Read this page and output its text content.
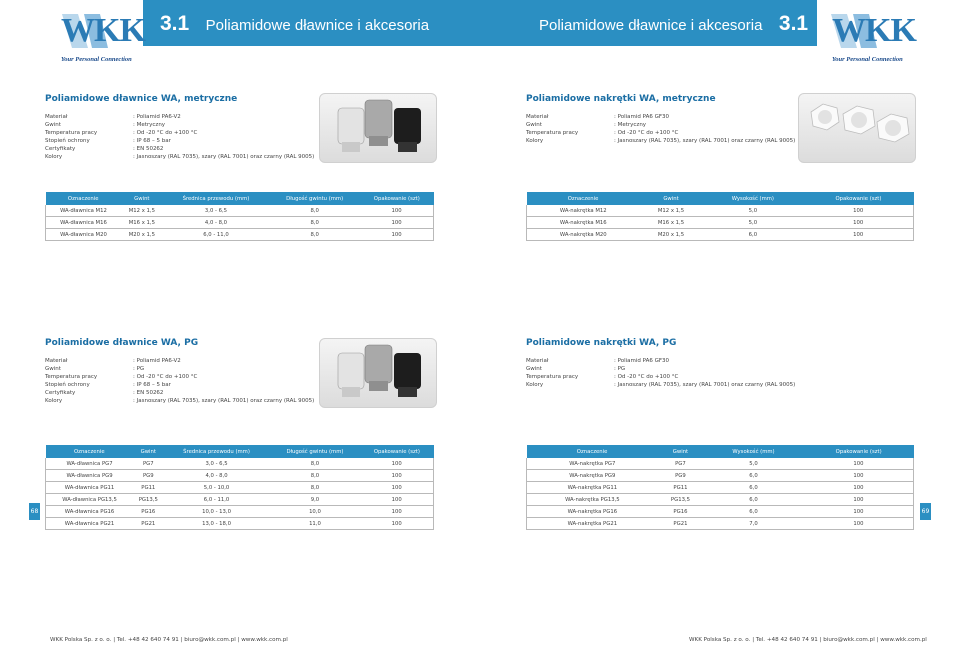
3.1 Poliamidowe dławnice i akcesoria	Poliamidowe dławnice i akcesoria 3.1
WKK
Your Personal Connection
WKK
Your Personal Connection
Poliamidowe dławnice WA, metryczne
Materiał	: Poliamid PA6-V2
Gwint	: Metryczny
Temperatura pracy	: Od -20 °C do +100 °C
Stopień ochrony	: IP 68 – 5 bar
Certyfikaty	: EN 50262
Kolory	: Jasnoszary (RAL 7035), szary (RAL 7001) oraz czarny (RAL 9005)
Oznaczenie	Gwint	Średnica przewodu (mm)	Długość gwintu (mm)	Opakowanie (szt)
WA-dławnica M12	M12 x 1,5	3,0 - 6,5	8,0	100
WA-dławnica M16	M16 x 1,5	4,0 - 8,0	8,0	100
WA-dławnica M20	M20 x 1,5	6,0 - 11,0	8,0	100
Poliamidowe nakrętki WA, metryczne
Materiał	: Poliamid PA6 GF30
Gwint	: Metryczny
Temperatura pracy	: Od -20 °C do +100 °C
Kolory	: Jasnoszary (RAL 7035), szary (RAL 7001) oraz czarny (RAL 9005)
Oznaczenie	Gwint	Wysokość (mm)	Opakowanie (szt)
WA-nakrętka M12	M12 x 1,5	5,0	100
WA-nakrętka M16	M16 x 1,5	5,0	100
WA-nakrętka M20	M20 x 1,5	6,0	100
Poliamidowe dławnice WA, PG
Materiał	: Poliamid PA6-V2
Gwint	: PG
Temperatura pracy	: Od -20 °C do +100 °C
Stopień ochrony	: IP 68 – 5 bar
Certyfikaty	: EN 50262
Kolory	: Jasnoszary (RAL 7035), szary (RAL 7001) oraz czarny (RAL 9005)
Oznaczenie	Gwint	Średnica przewodu (mm)	Długość gwintu (mm)	Opakowanie (szt)
WA-dławnica PG7	PG7	3,0 - 6,5	8,0	100
WA-dławnica PG9	PG9	4,0 - 8,0	8,0	100
WA-dławnica PG11	PG11	5,0 - 10,0	8,0	100
WA-dławnica PG13,5	PG13,5	6,0 - 11,0	9,0	100
WA-dławnica PG16	PG16	10,0 - 13,0	10,0	100
WA-dławnica PG21	PG21	13,0 - 18,0	11,0	100
Poliamidowe nakrętki WA, PG
Materiał	: Poliamid PA6 GF30
Gwint	: PG
Temperatura pracy	: Od -20 °C do +100 °C
Kolory	: Jasnoszary (RAL 7035), szary (RAL 7001) oraz czarny (RAL 9005)
Oznaczenie	Gwint	Wysokość (mm)	Opakowanie (szt)
WA-nakrętka PG7	PG7	5,0	100
WA-nakrętka PG9	PG9	6,0	100
WA-nakrętka PG11	PG11	6,0	100
WA-nakrętka PG13,5	PG13,5	6,0	100
WA-nakrętka PG16	PG16	6,0	100
WA-nakrętka PG21	PG21	7,0	100
68	69
WKK Polska Sp. z o. o. | Tel. +48 42 640 74 91 | biuro@wkk.com.pl | www.wkk.com.pl	WKK Polska Sp. z o. o. | Tel. +48 42 640 74 91 | biuro@wkk.com.pl | www.wkk.com.pl
